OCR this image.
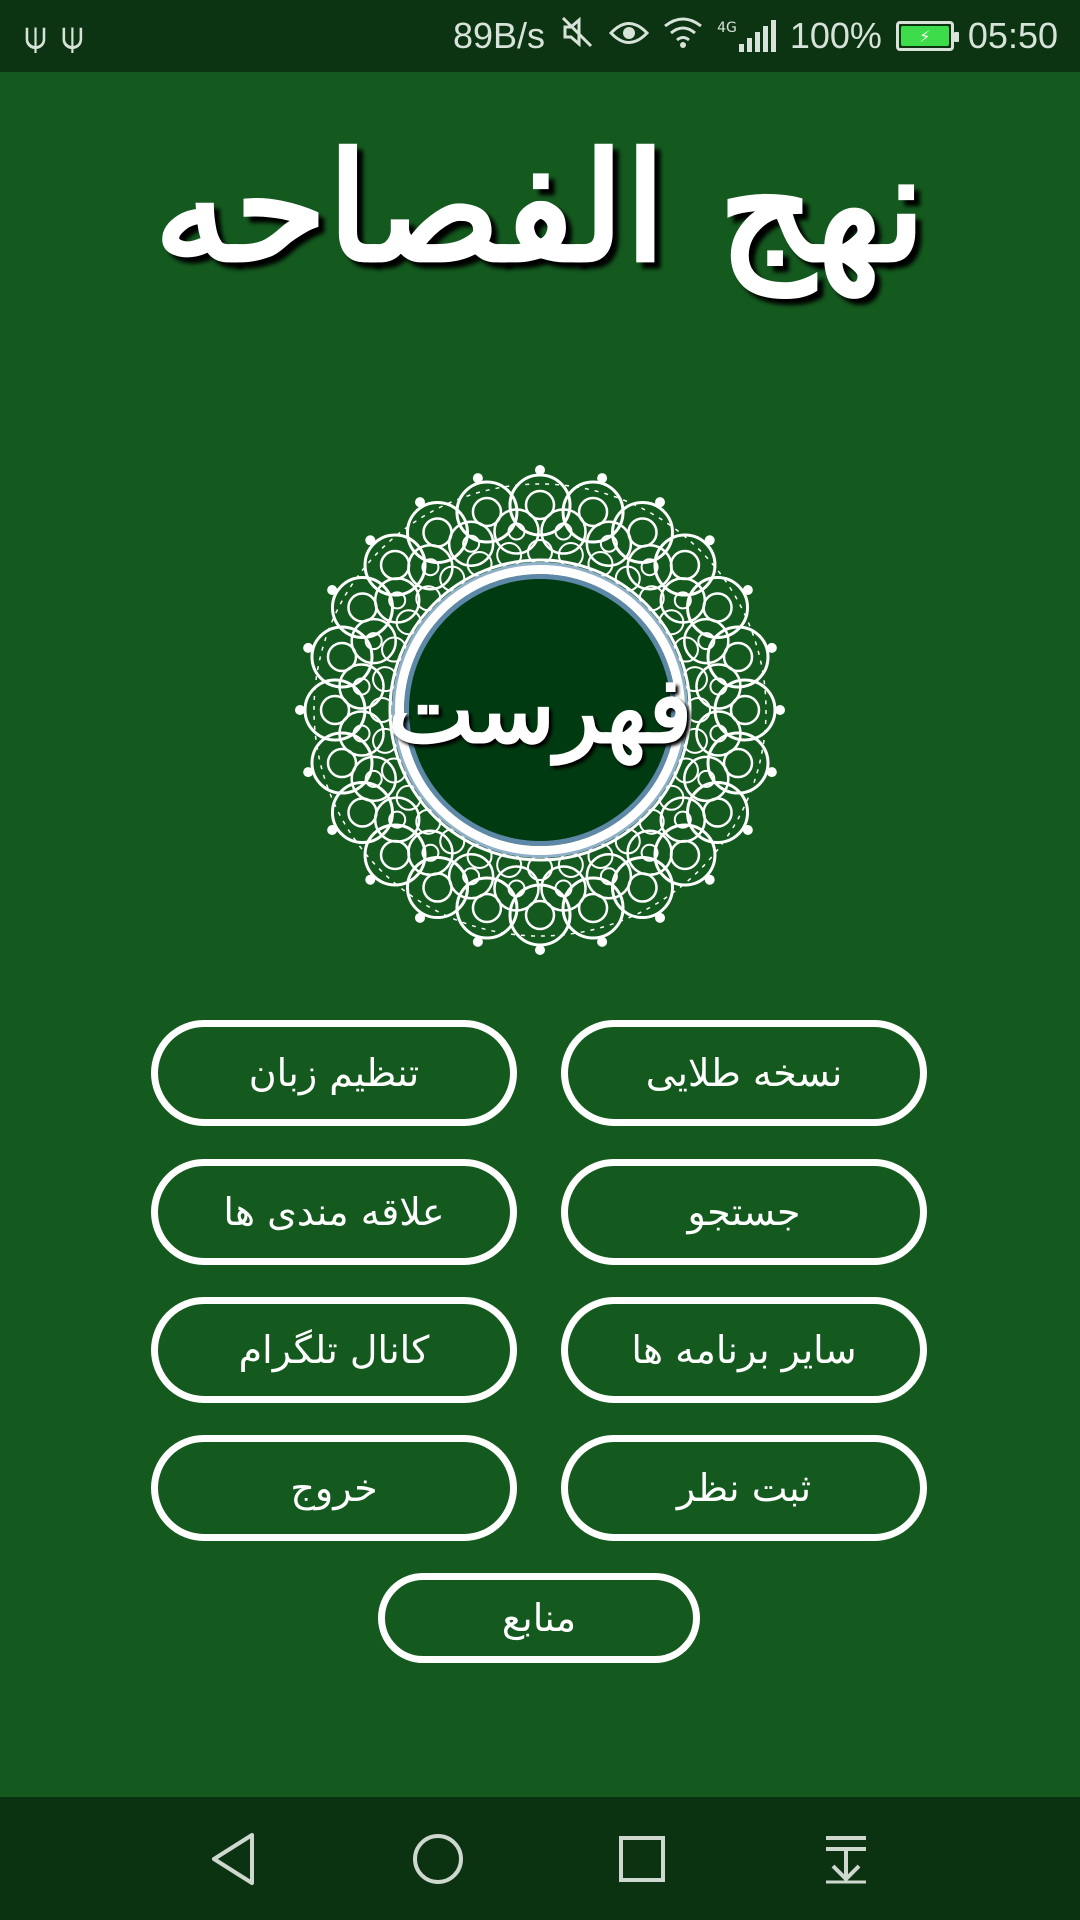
⍦ ⍦	89B/s	4G 100%	⚡	05:50
نهج الفصاحه
فهرست
نسخه طلایی
تنظیم زبان
جستجو
علاقه مندی ها
سایر برنامه ها
کانال تلگرام
ثبت نظر
خروج
منابع
